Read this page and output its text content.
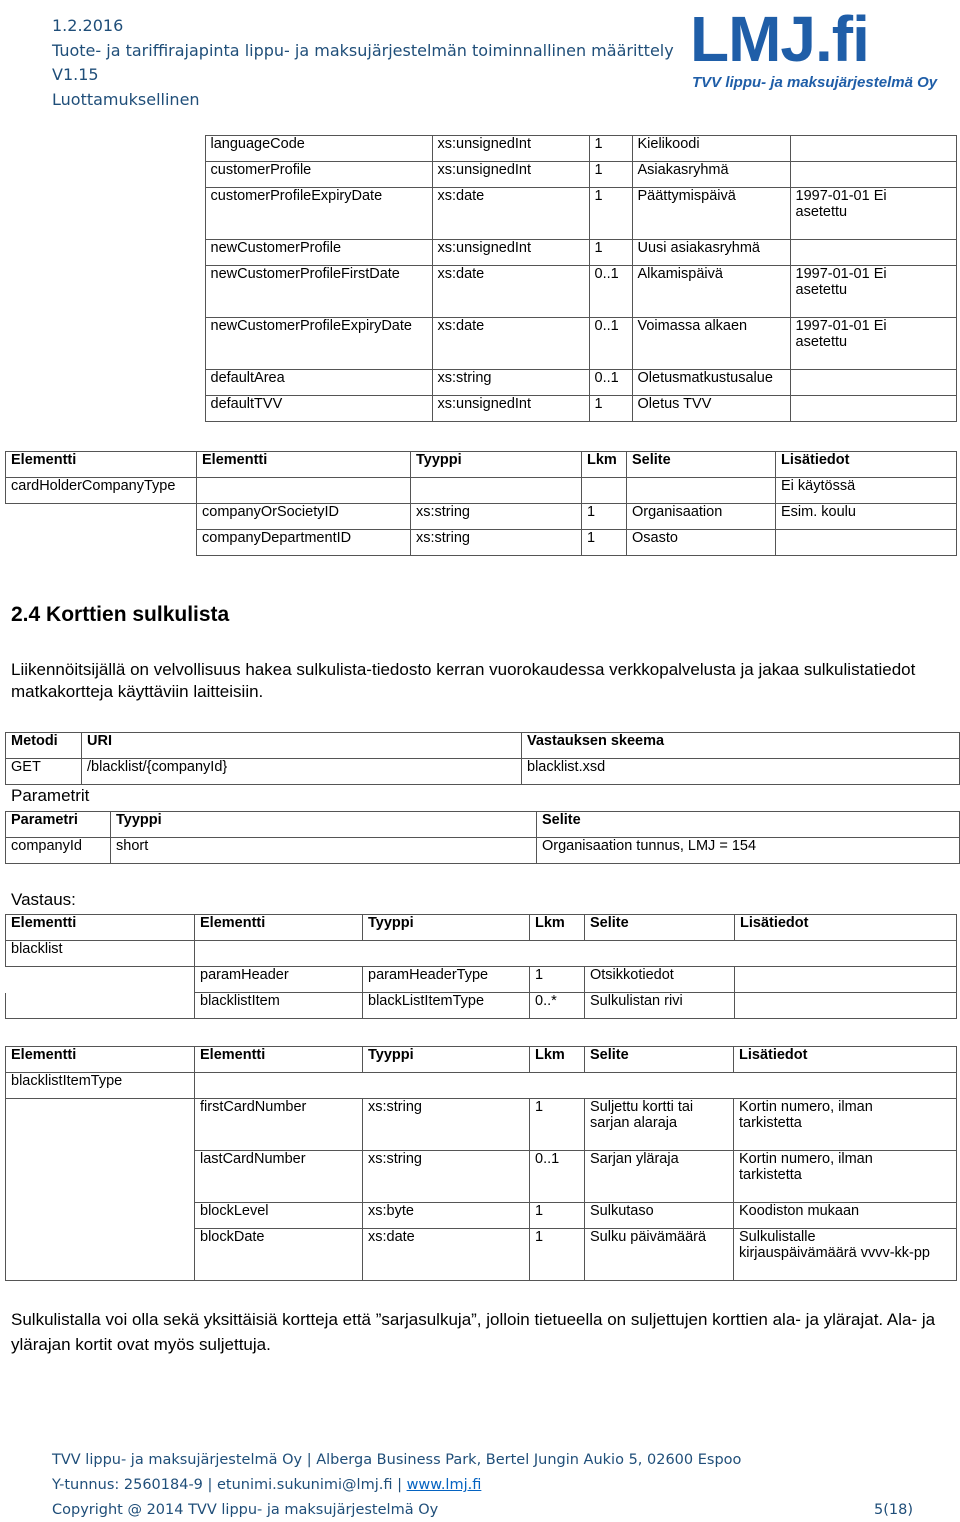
1.2.2016
Tuote- ja tariffirajapinta lippu- ja maksujärjestelmän toiminnallinen määrittely
V1.15
Luottamuksellinen
LMJ.fi
TVV lippu- ja maksujärjestelmä Oy
	languageCode	xs:unsignedInt	1	Kielikoodi	
	customerProfile	xs:unsignedInt	1	Asiakasryhmä	
	customerProfileExpiryDate	xs:date	1	Päättymispäivä	1997-01-01 Ei
asetettu

	newCustomerProfile	xs:unsignedInt	1	Uusi asiakasryhmä	
	newCustomerProfileFirstDate	xs:date	0..1	Alkamispäivä	1997-01-01 Ei
asetettu

	newCustomerProfileExpiryDate	xs:date	0..1	Voimassa alkaen	1997-01-01 Ei
asetettu

	defaultArea	xs:string	0..1	Oletusmatkustusalue	
	defaultTVV	xs:unsignedInt	1	Oletus TVV	
Elementti	Elementti	Tyyppi	Lkm	Selite	Lisätiedot
cardHolderCompanyType					Ei käytössä
	companyOrSocietyID	xs:string	1	Organisaation	Esim. koulu
	companyDepartmentID	xs:string	1	Osasto	
2.4 Korttien sulkulista
Liikennöitsijällä on velvollisuus hakea sulkulista-tiedosto kerran vuorokaudessa verkkopalvelusta ja jakaa sulkulistatiedot matkakortteja käyttäviin laitteisiin.
Metodi	URI	Vastauksen skeema
GET	/blacklist/{companyId}	blacklist.xsd
Parametrit
Parametri	Tyyppi	Selite
companyId	short	Organisaation tunnus, LMJ = 154
Vastaus:
Elementti	Elementti	Tyyppi	Lkm	Selite	Lisätiedot
blacklist					
	paramHeader	paramHeaderType	1	Otsikkotiedot	
	blacklistItem	blackListItemType	0..*	Sulkulistan rivi	
Elementti	Elementti	Tyyppi	Lkm	Selite	Lisätiedot
blacklistItemType					
	firstCardNumber	xs:string	1	Suljettu kortti tai
sarjan alaraja	Kortin numero, ilman
tarkistetta

	lastCardNumber	xs:string	0..1	Sarjan yläraja	Kortin numero, ilman
tarkistetta

	blockLevel	xs:byte	1	Sulkutaso	Koodiston mukaan
	blockDate	xs:date	1	Sulku päivämäärä	Sulkulistalle
kirjauspäivämäärä vvvv-kk-pp
Sulkulistalla voi olla sekä yksittäisiä kortteja että ”sarjasulkuja”, jolloin tietueella on suljettujen korttien ala- ja ylärajat. Ala- ja ylärajan kortit ovat myös suljettuja.
TVV lippu- ja maksujärjestelmä Oy | Alberga Business Park, Bertel Jungin Aukio 5, 02600 Espoo
Y-tunnus: 2560184-9 | etunimi.sukunimi@lmj.fi | www.lmj.fi
Copyright @ 2014 TVV lippu- ja maksujärjestelmä Oy	5(18)
